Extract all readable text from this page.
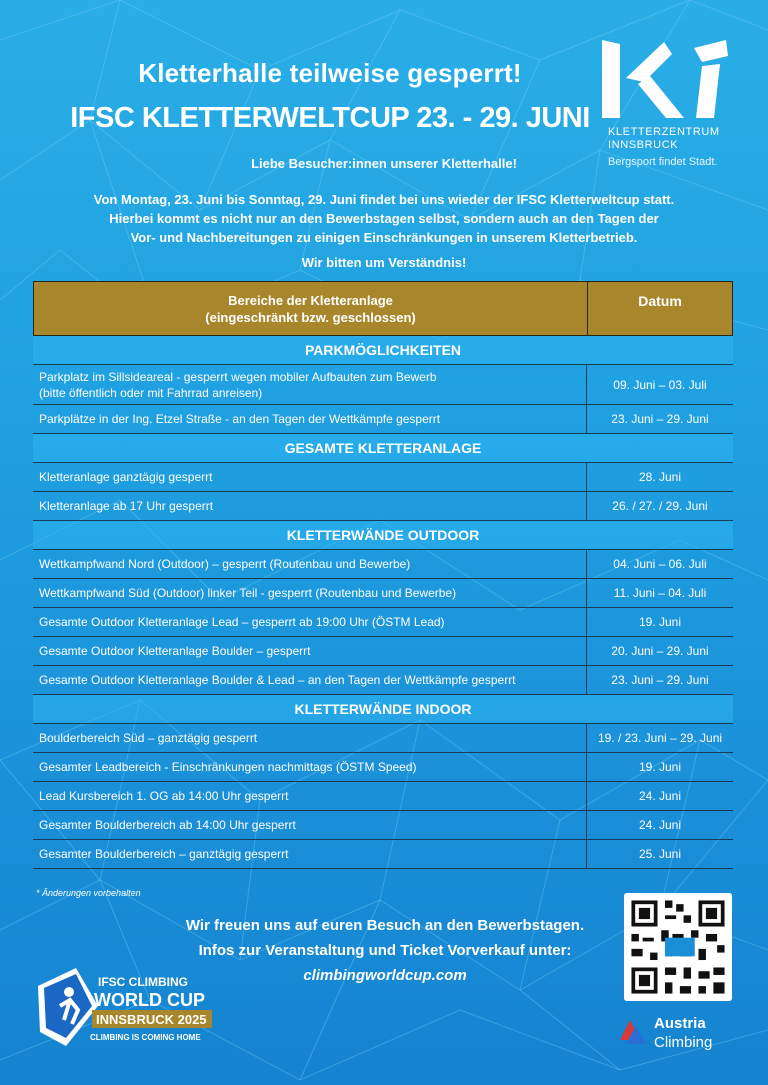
Kletterhalle teilweise gesperrt!
IFSC KLETTERWELTCUP 23. - 29. JUNI KLETTERZENTRUM
INNSBRUCK
Bergsport findet Stadt.
Liebe Besucher:innen unserer Kletterhalle!
Von Montag, 23. Juni bis Sonntag, 29. Juni findet bei uns wieder der IFSC Kletterweltcup statt.
Hierbei kommt es nicht nur an den Bewerbstagen selbst, sondern auch an den Tagen der
Vor- und Nachbereitungen zu einigen Einschränkungen in unserem Kletterbetrieb.
Wir bitten um Verständnis!
Bereiche der Kletteranlage
(eingeschränkt bzw. geschlossen)
Datum
PARKMÖGLICHKEITEN
Parkplatz im Sillsideareal - gesperrt wegen mobiler Aufbauten zum Bewerb
(bitte öffentlich oder mit Fahrrad anreisen)
09. Juni – 03. Juli
Parkplätze in der Ing. Etzel Straße - an den Tagen der Wettkämpfe gesperrt	23. Juni – 29. Juni
GESAMTE KLETTERANLAGE
Kletteranlage ganztägig gesperrt	28. Juni
Kletteranlage ab 17 Uhr gesperrt	26. / 27. / 29. Juni
KLETTERWÄNDE OUTDOOR
Wettkampfwand Nord (Outdoor) – gesperrt (Routenbau und Bewerbe)	04. Juni – 06. Juli
Wettkampfwand Süd (Outdoor) linker Teil - gesperrt (Routenbau und Bewerbe)	11. Juni – 04. Juli
Gesamte Outdoor Kletteranlage Lead – gesperrt ab 19:00 Uhr (ÖSTM Lead)	19. Juni
Gesamte Outdoor Kletteranlage Boulder – gesperrt	20. Juni – 29. Juni
Gesamte Outdoor Kletteranlage Boulder & Lead – an den Tagen der Wettkämpfe gesperrt	23. Juni – 29. Juni
KLETTERWÄNDE INDOOR
Boulderbereich Süd – ganztägig gesperrt	19. / 23. Juni – 29. Juni
Gesamter Leadbereich - Einschränkungen nachmittags (ÖSTM Speed)	19. Juni
Lead Kursbereich 1. OG ab 14:00 Uhr gesperrt	24. Juni
Gesamter Boulderbereich ab 14:00 Uhr gesperrt	24. Juni
Gesamter Boulderbereich – ganztägig gesperrt	25. Juni
* Änderungen vorbehalten
Wir freuen uns auf euren Besuch an den Bewerbstagen.
Infos zur Veranstaltung und Ticket Vorverkauf unter:
climbingworldcup.com
Austria
Climbing
IFSC CLIMBING
WORLD CUP
INNSBRUCK 2025
CLIMBING IS COMING HOME
